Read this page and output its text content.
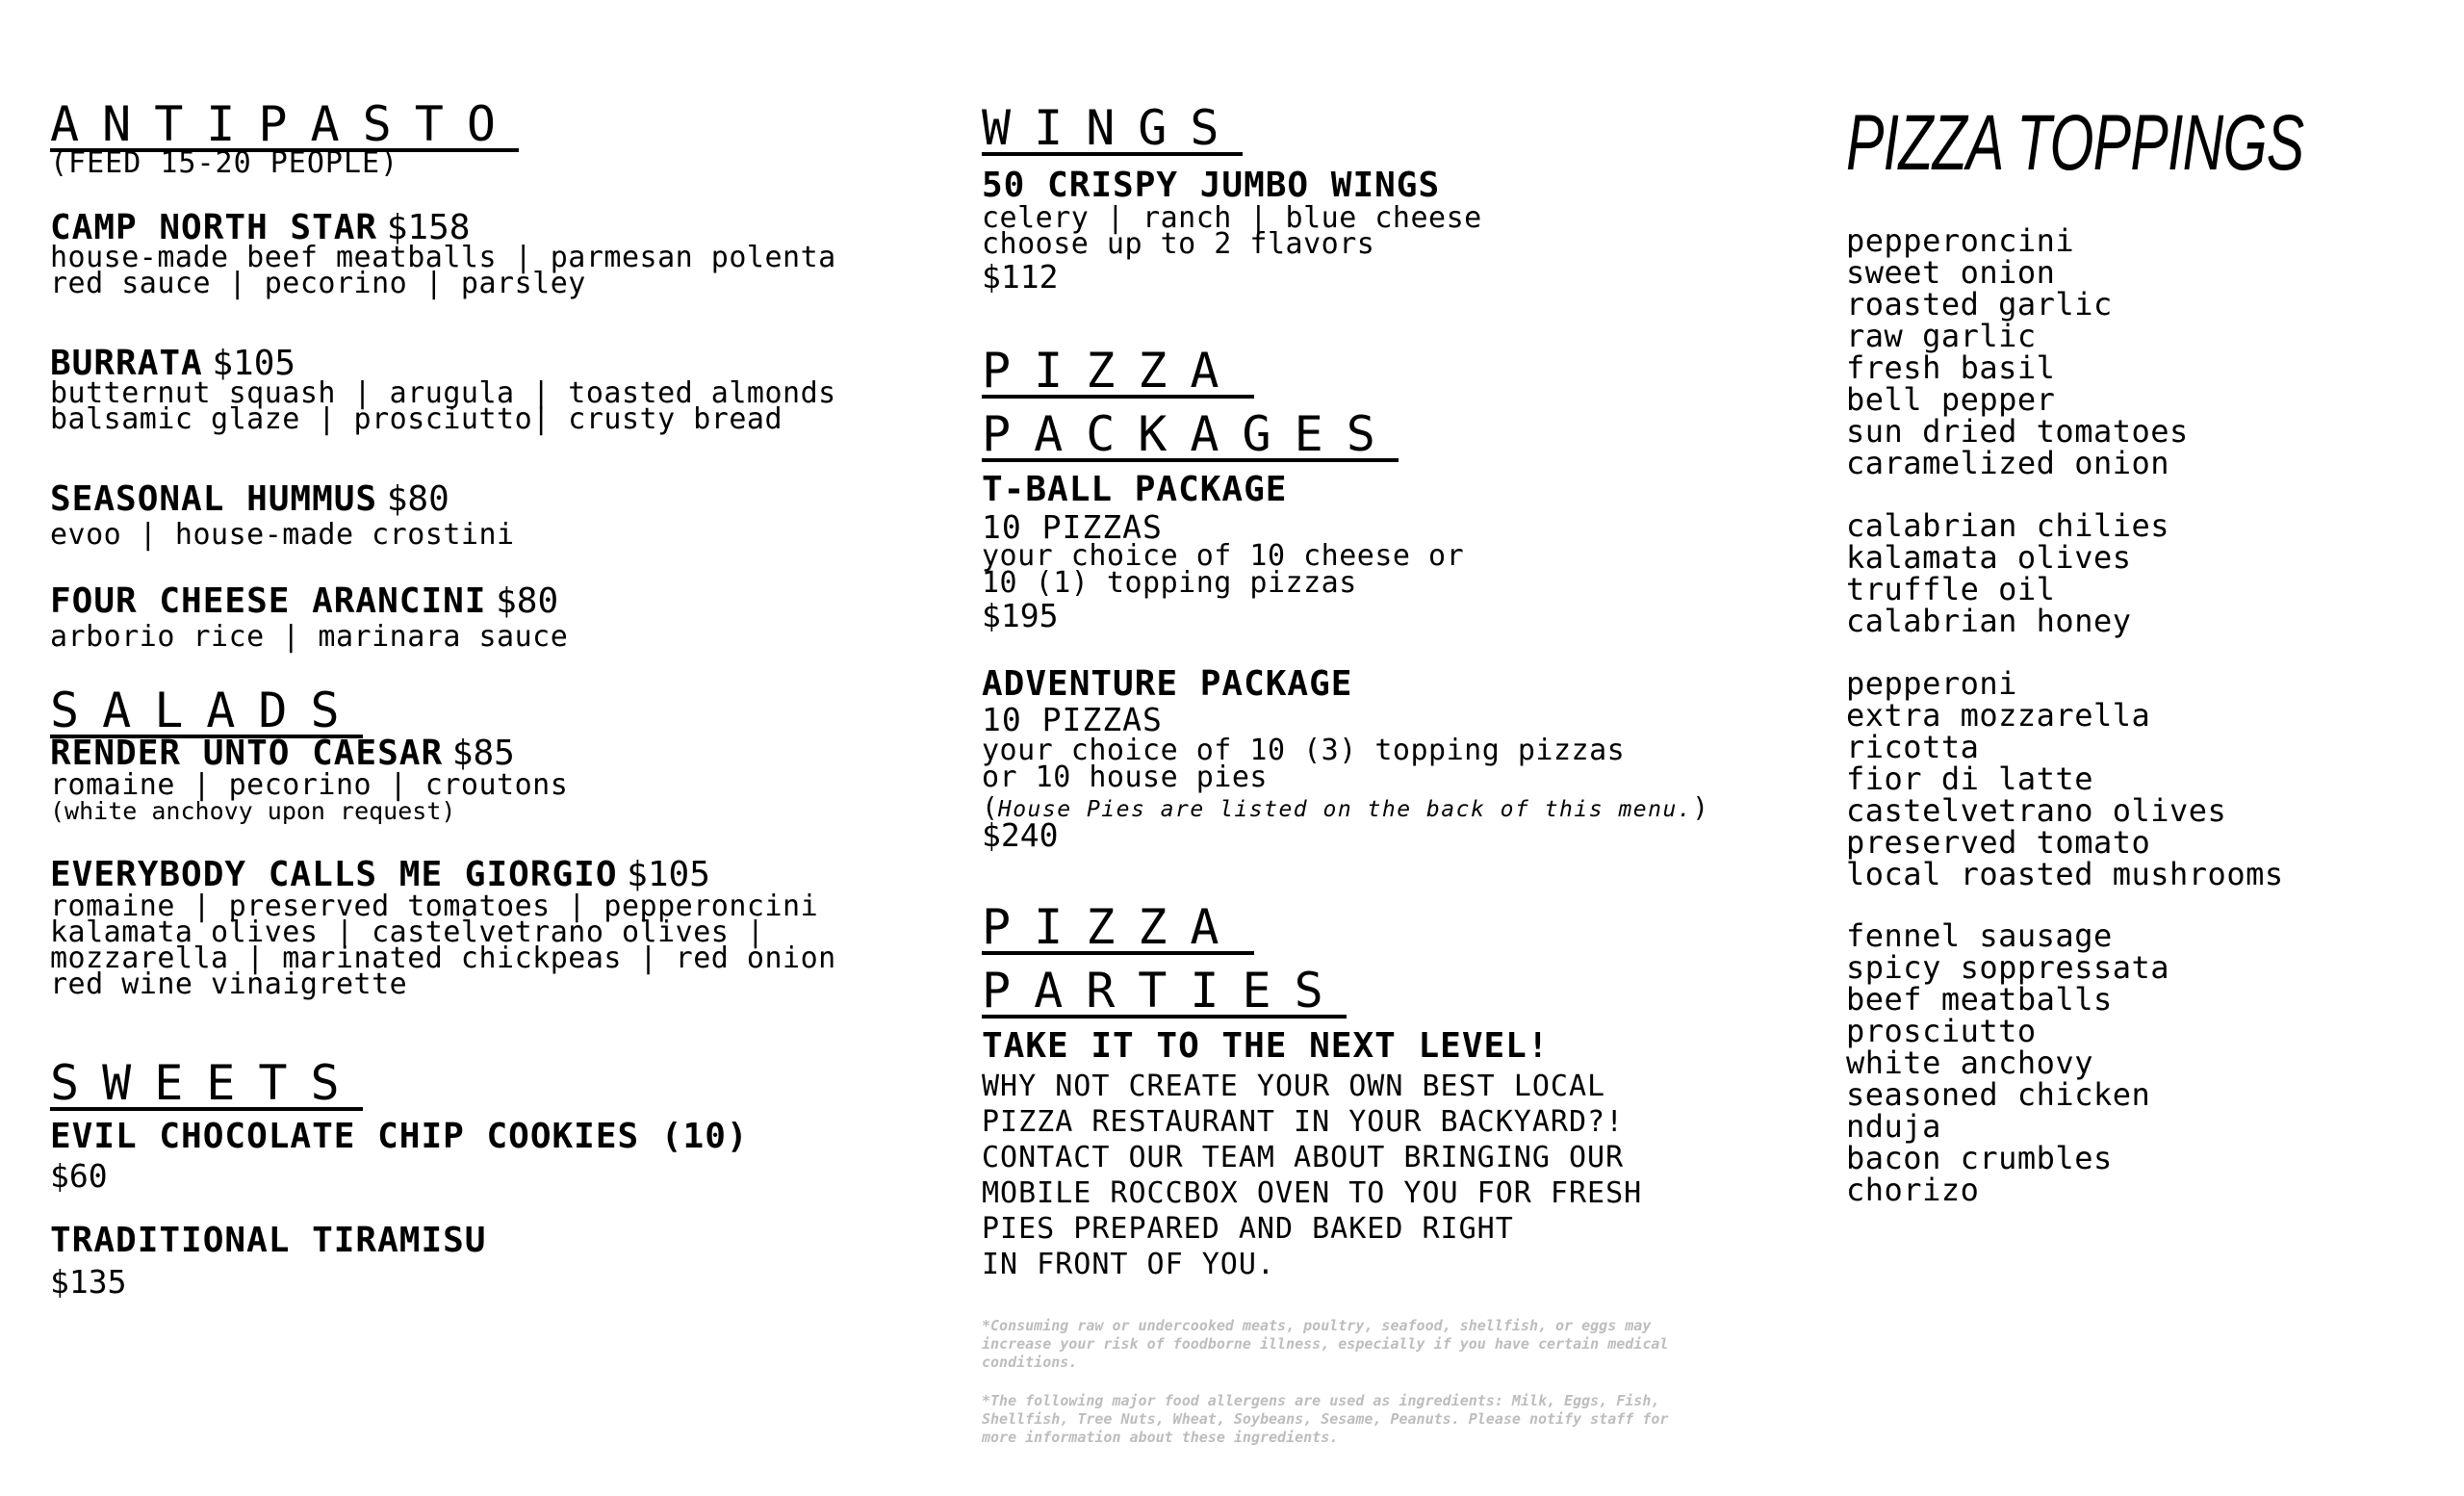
ANTIPASTO
(FEED 15-20 PEOPLE)
CAMP NORTH STAR $158
house-made beef meatballs | parmesan polenta
red sauce | pecorino | parsley
BURRATA $105
butternut squash | arugula | toasted almonds
balsamic glaze | prosciutto| crusty bread
SEASONAL HUMMUS $80
evoo | house-made crostini
FOUR CHEESE ARANCINI $80
arborio rice | marinara sauce
SALADS
RENDER UNTO CAESAR $85
romaine | pecorino | croutons
(white anchovy upon request)
EVERYBODY CALLS ME GIORGIO $105
romaine | preserved tomatoes | pepperoncini
kalamata olives | castelvetrano olives |
mozzarella | marinated chickpeas | red onion
red wine vinaigrette
SWEETS
EVIL CHOCOLATE CHIP COOKIES (10)
$60
TRADITIONAL TIRAMISU
$135
WINGS
50 CRISPY JUMBO WINGS
celery | ranch | blue cheese
choose up to 2 flavors
$112
PIZZA
PACKAGES
T-BALL PACKAGE
10 PIZZAS
your choice of 10 cheese or
10 (1) topping pizzas
$195
ADVENTURE PACKAGE
10 PIZZAS
your choice of 10 (3) topping pizzas
or 10 house pies
(House Pies are listed on the back of this menu.)
$240
PIZZA
PARTIES
TAKE IT TO THE NEXT LEVEL!
WHY NOT CREATE YOUR OWN BEST LOCAL
PIZZA RESTAURANT IN YOUR BACKYARD?!
CONTACT OUR TEAM ABOUT BRINGING OUR
MOBILE ROCCBOX OVEN TO YOU FOR FRESH
PIES PREPARED AND BAKED RIGHT
IN FRONT OF YOU.
*Consuming raw or undercooked meats, poultry, seafood, shellfish, or eggs may increase your risk of foodborne illness, especially if you have certain medical conditions.
*The following major food allergens are used as ingredients: Milk, Eggs, Fish, Shellfish, Tree Nuts, Wheat, Soybeans, Sesame, Peanuts. Please notify staff for more information about these ingredients.
PIZZA TOPPINGS
pepperoncini
sweet onion
roasted garlic
raw garlic
fresh basil
bell pepper
sun dried tomatoes
caramelized onion
calabrian chilies
kalamata olives
truffle oil
calabrian honey
pepperoni
extra mozzarella
ricotta
fior di latte
castelvetrano olives
preserved tomato
local roasted mushrooms
fennel sausage
spicy soppressata
beef meatballs
prosciutto
white anchovy
seasoned chicken
nduja
bacon crumbles
chorizo
